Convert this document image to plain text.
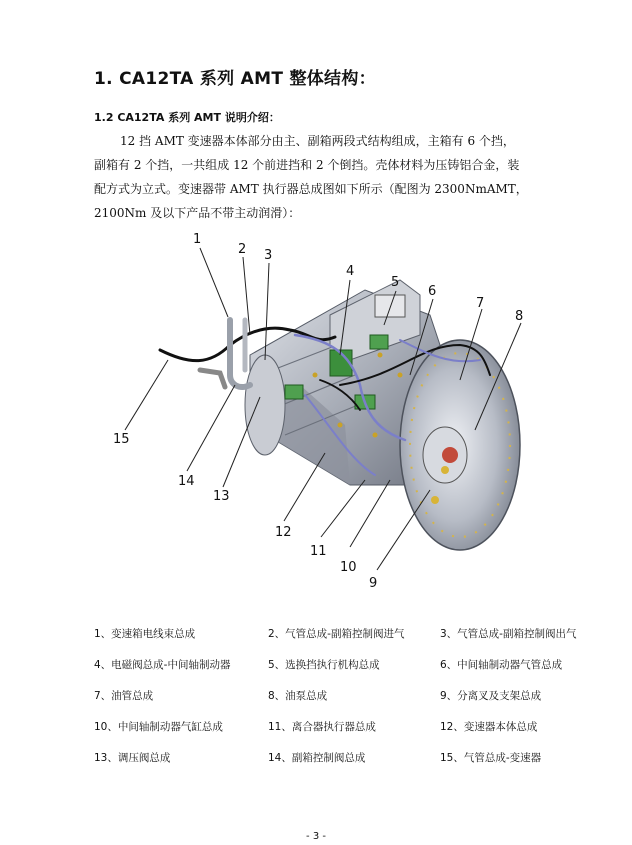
1. CA12TA 系列 AMT 整体结构：
1.2 CA12TA 系列 AMT 说明介绍：
12 挡 AMT 变速器本体部分由主、副箱两段式结构组成，主箱有 6 个挡，
副箱有 2 个挡，一共组成 12 个前进挡和 2 个倒挡。壳体材料为压铸铝合金，装
配方式为立式。变速器带 AMT 执行器总成图如下所示（配图为 2300NmAMT，
2100Nm 及以下产品不带主动润滑）：
1
2 3
4
5
6
7
8
9
10
11
12
13
14
15
1、变速箱电线束总成	2、气管总成-副箱控制阀进气	3、气管总成-副箱控制阀出气
4、电磁阀总成-中间轴制动器	5、选换挡执行机构总成	6、中间轴制动器气管总成
7、油管总成	8、油泵总成	9、分离叉及支架总成
10、中间轴制动器气缸总成	11、离合器执行器总成	12、变速器本体总成
13、调压阀总成	14、副箱控制阀总成	15、气管总成-变速器
- 3 -
